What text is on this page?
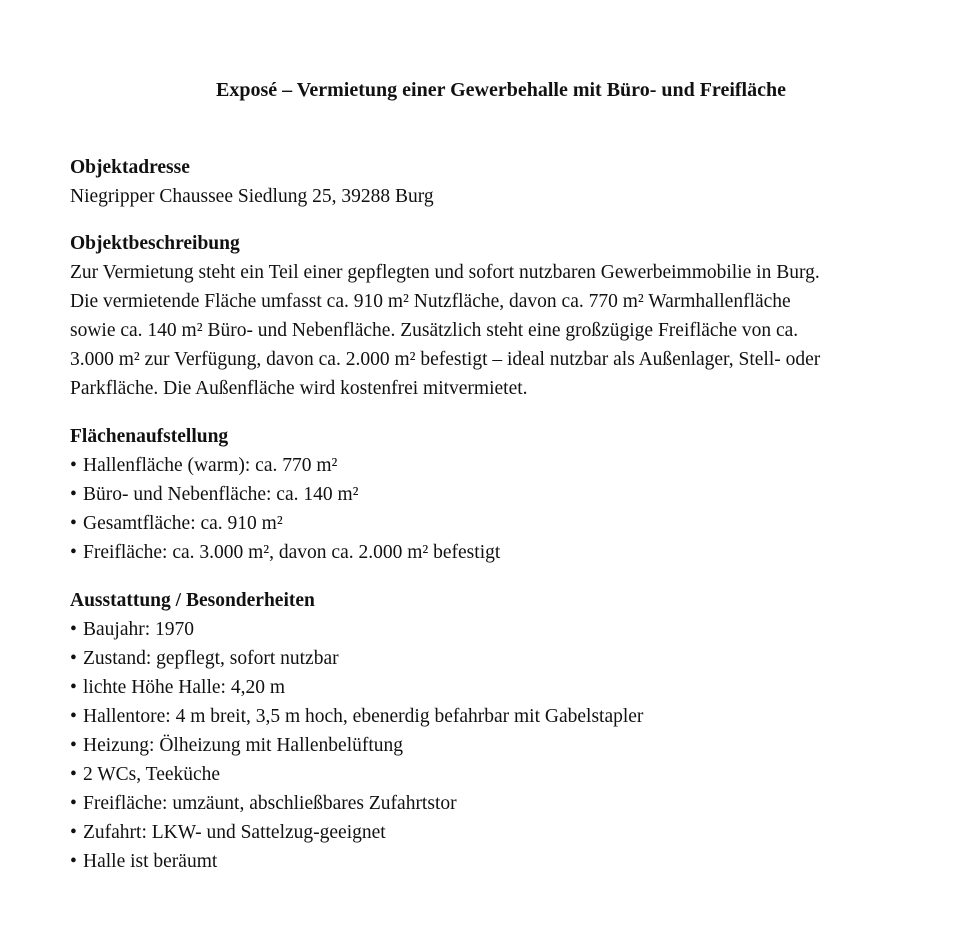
Exposé – Vermietung einer Gewerbehalle mit Büro- und Freifläche

Objektadresse

Niegripper Chaussee Siedlung 25, 39288 Burg

Objektbeschreibung

Zur Vermietung steht ein Teil einer gepflegten und sofort nutzbaren Gewerbeimmobilie in Burg.

Die vermietende Fläche umfasst ca. 910 m² Nutzfläche, davon ca. 770 m² Warmhallenfläche

sowie ca. 140 m² Büro- und Nebenfläche. Zusätzlich steht eine großzügige Freifläche von ca.

3.000 m² zur Verfügung, davon ca. 2.000 m² befestigt – ideal nutzbar als Außenlager, Stell- oder

Parkfläche. Die Außenfläche wird kostenfrei mitvermietet.

Flächenaufstellung

• Hallenfläche (warm): ca. 770 m²
• Büro- und Nebenfläche: ca. 140 m²
• Gesamtfläche: ca. 910 m²
• Freifläche: ca. 3.000 m², davon ca. 2.000 m² befestigt

Ausstattung / Besonderheiten

• Baujahr: 1970
• Zustand: gepflegt, sofort nutzbar
• lichte Höhe Halle: 4,20 m
• Hallentore: 4 m breit, 3,5 m hoch, ebenerdig befahrbar mit Gabelstapler
• Heizung: Ölheizung mit Hallenbelüftung
• 2 WCs, Teeküche
• Freifläche: umzäunt, abschließbares Zufahrtstor
• Zufahrt: LKW- und Sattelzug-geeignet
• Halle ist beräumt
